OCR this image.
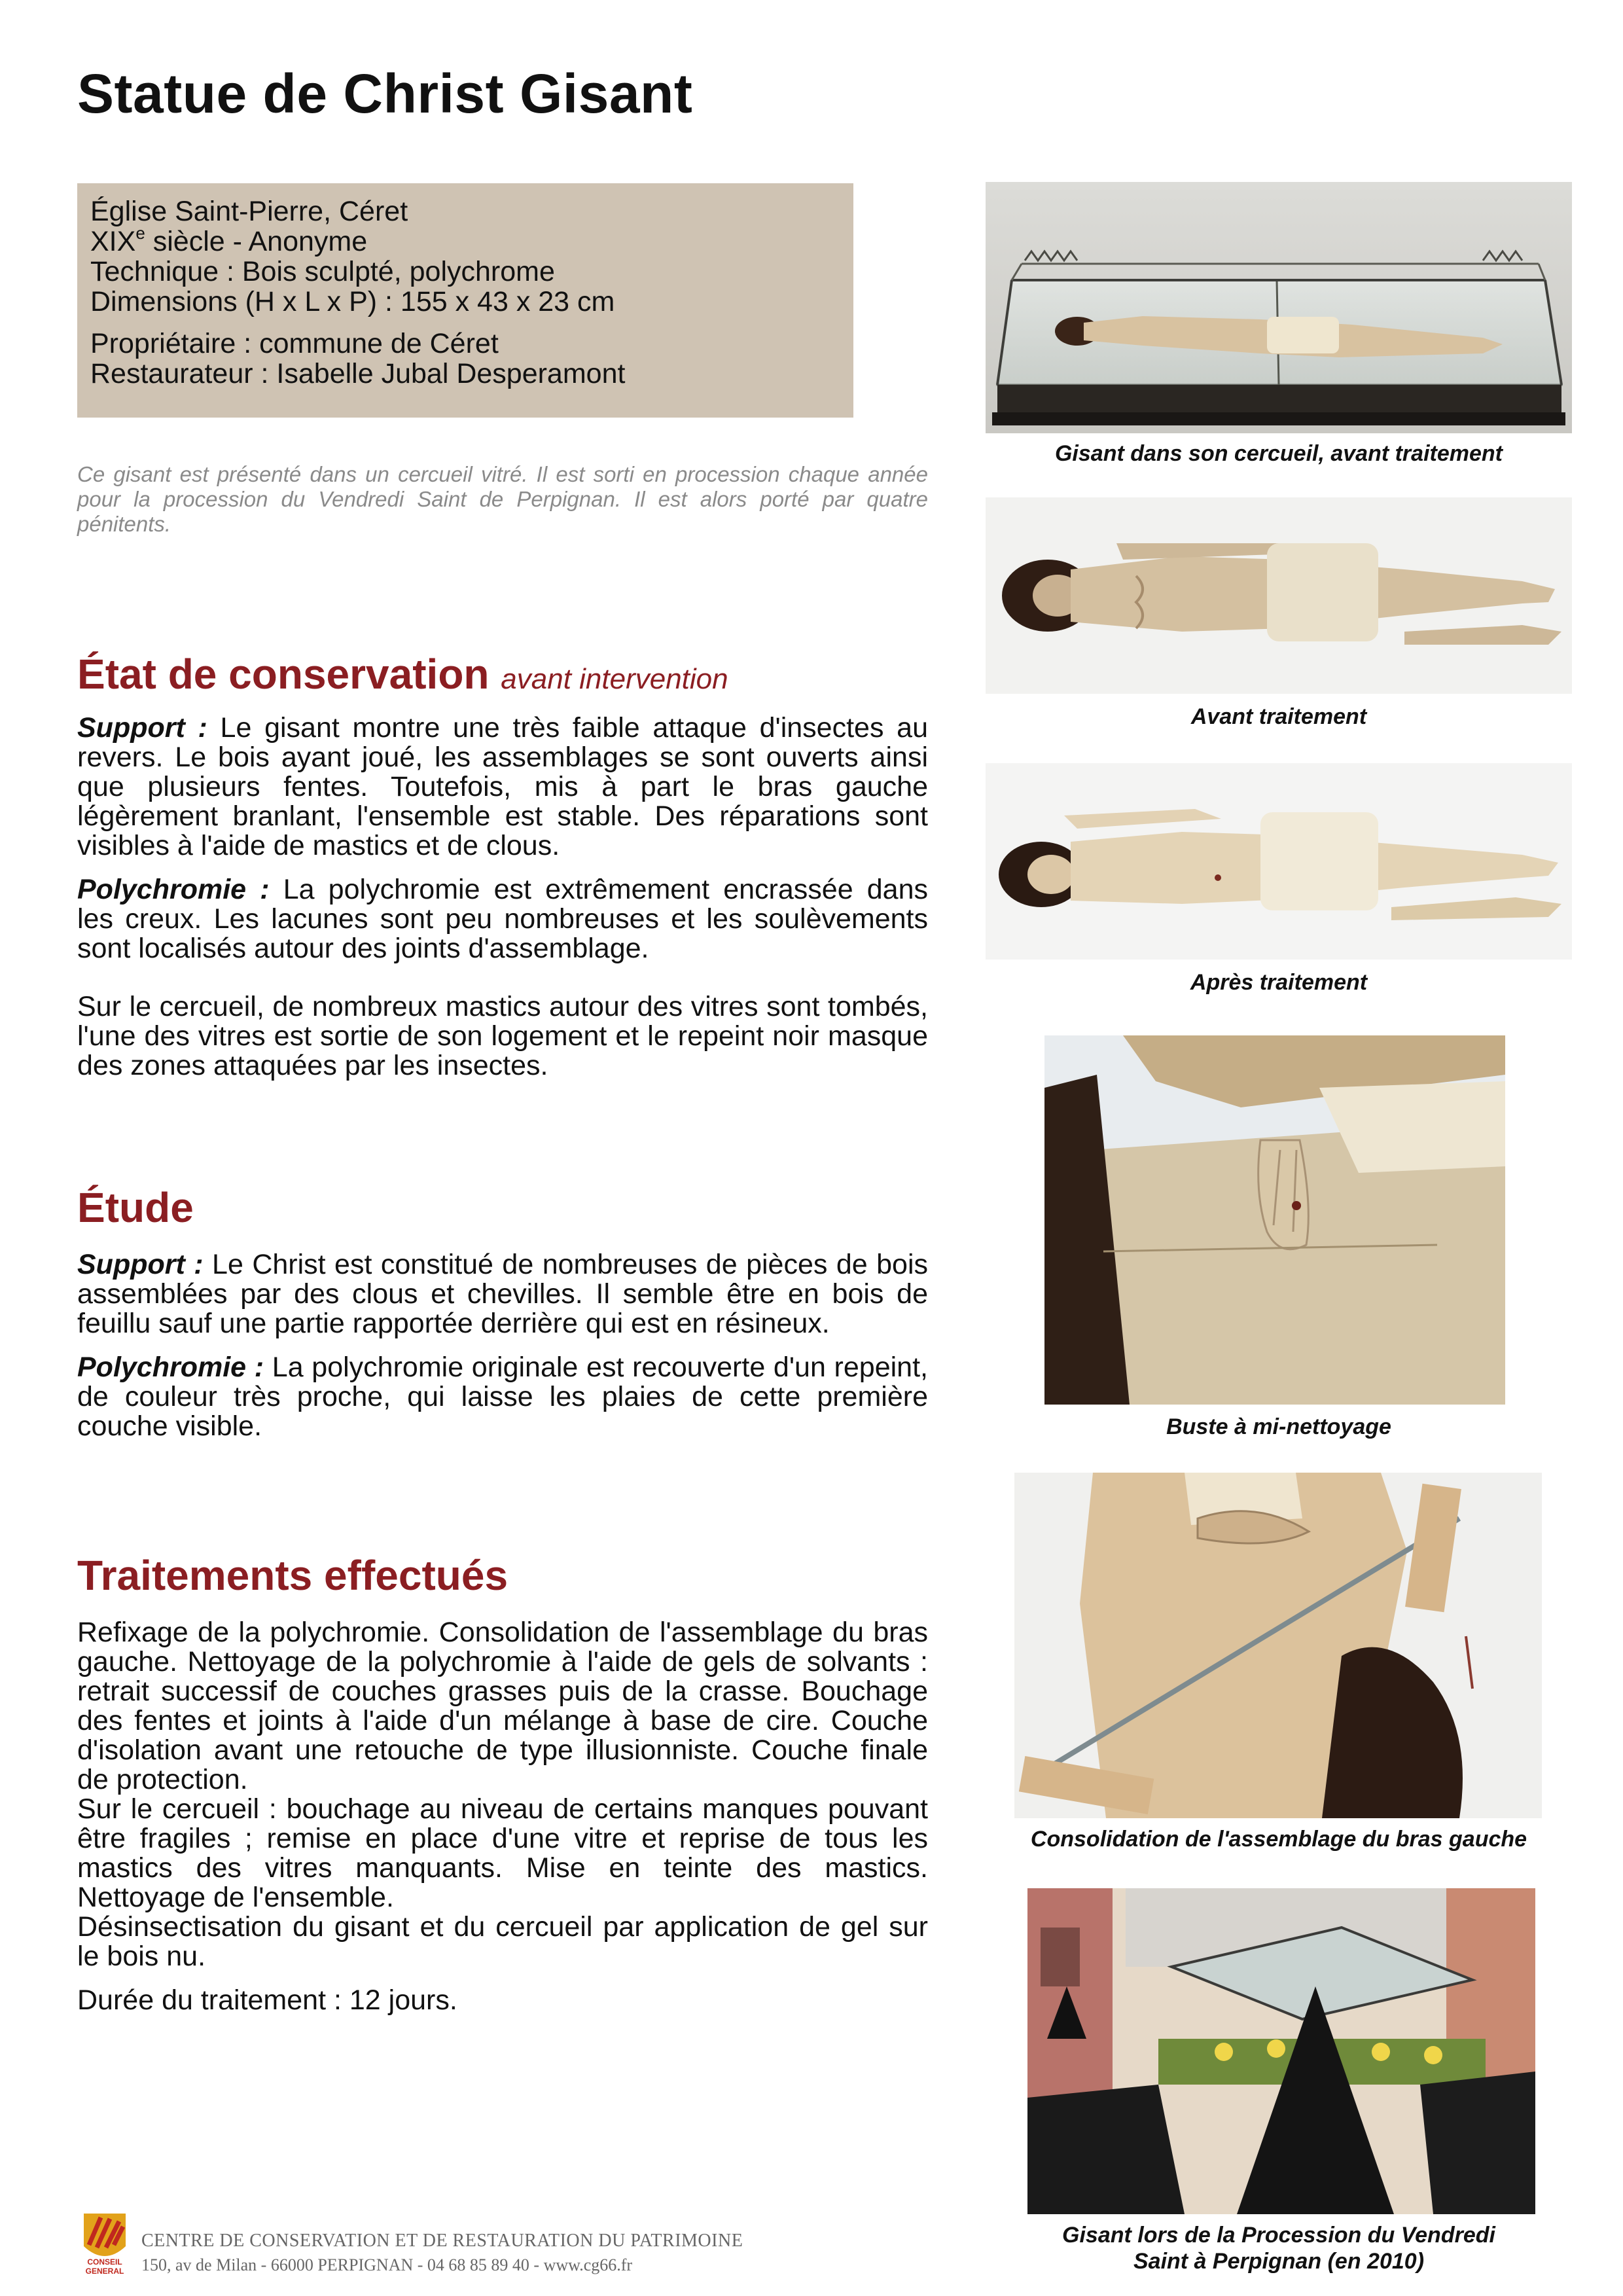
Statue de Christ Gisant

Église Saint-Pierre, Céret

XIXe siècle - Anonyme

Technique : Bois sculpté, polychrome

Dimensions (H x L x P) : 155 x 43 x 23 cm

Propriétaire : commune de Céret

Restaurateur : Isabelle Jubal Desperamont

Ce gisant est présenté dans un cercueil vitré. Il est sorti en procession chaque année pour la procession du Vendredi Saint de Perpignan. Il est alors porté par quatre pénitents.

État de conservation avant intervention

Support : Le gisant montre une très faible attaque d'insectes au revers. Le bois ayant joué, les assemblages se sont ouverts ainsi que plusieurs fentes. Toutefois, mis à part le bras gauche légèrement branlant, l'ensemble est stable. Des réparations sont visibles à l'aide de mastics et de clous.

Polychromie : La polychromie est extrêmement encrassée dans les creux. Les lacunes sont peu nombreuses et les soulèvements sont localisés autour des joints d'assemblage.

Sur le cercueil, de nombreux mastics autour des vitres sont tombés, l'une des vitres est sortie de son logement et le repeint noir masque des zones attaquées par les insectes.

Étude

Support : Le Christ est constitué de nombreuses de pièces de bois assemblées par des clous et chevilles. Il semble être en bois de feuillu sauf une partie rapportée derrière qui est en résineux.

Polychromie : La polychromie originale est recouverte d'un repeint, de couleur très proche, qui laisse les plaies de cette première couche visible.

Traitements effectués

Refixage de la polychromie. Consolidation de l'assemblage du bras gauche. Nettoyage de la polychromie à l'aide de gels de solvants : retrait successif de couches grasses puis de la crasse. Bouchage des fentes et joints à l'aide d'un mélange à base de cire. Couche d'isolation avant une retouche de type illusionniste. Couche finale de protection.

Sur le cercueil : bouchage au niveau de certains manques pouvant être fragiles ; remise en place d'une vitre et reprise de tous les mastics des vitres manquants. Mise en teinte des mastics. Nettoyage de l'ensemble.

Désinsectisation du gisant et du cercueil par application de gel sur le bois nu.

Durée du traitement : 12 jours.

Gisant dans son cercueil, avant traitement
Avant traitement
Après traitement
Buste à mi-nettoyage
Consolidation de l'assemblage du bras gauche
Gisant lors de la Procession du Vendredi
Saint à Perpignan (en 2010)
CONSEIL
GENERAL
CENTRE DE CONSERVATION ET DE RESTAURATION DU PATRIMOINE
150, av de Milan - 66000 PERPIGNAN - 04 68 85 89 40 - www.cg66.fr
